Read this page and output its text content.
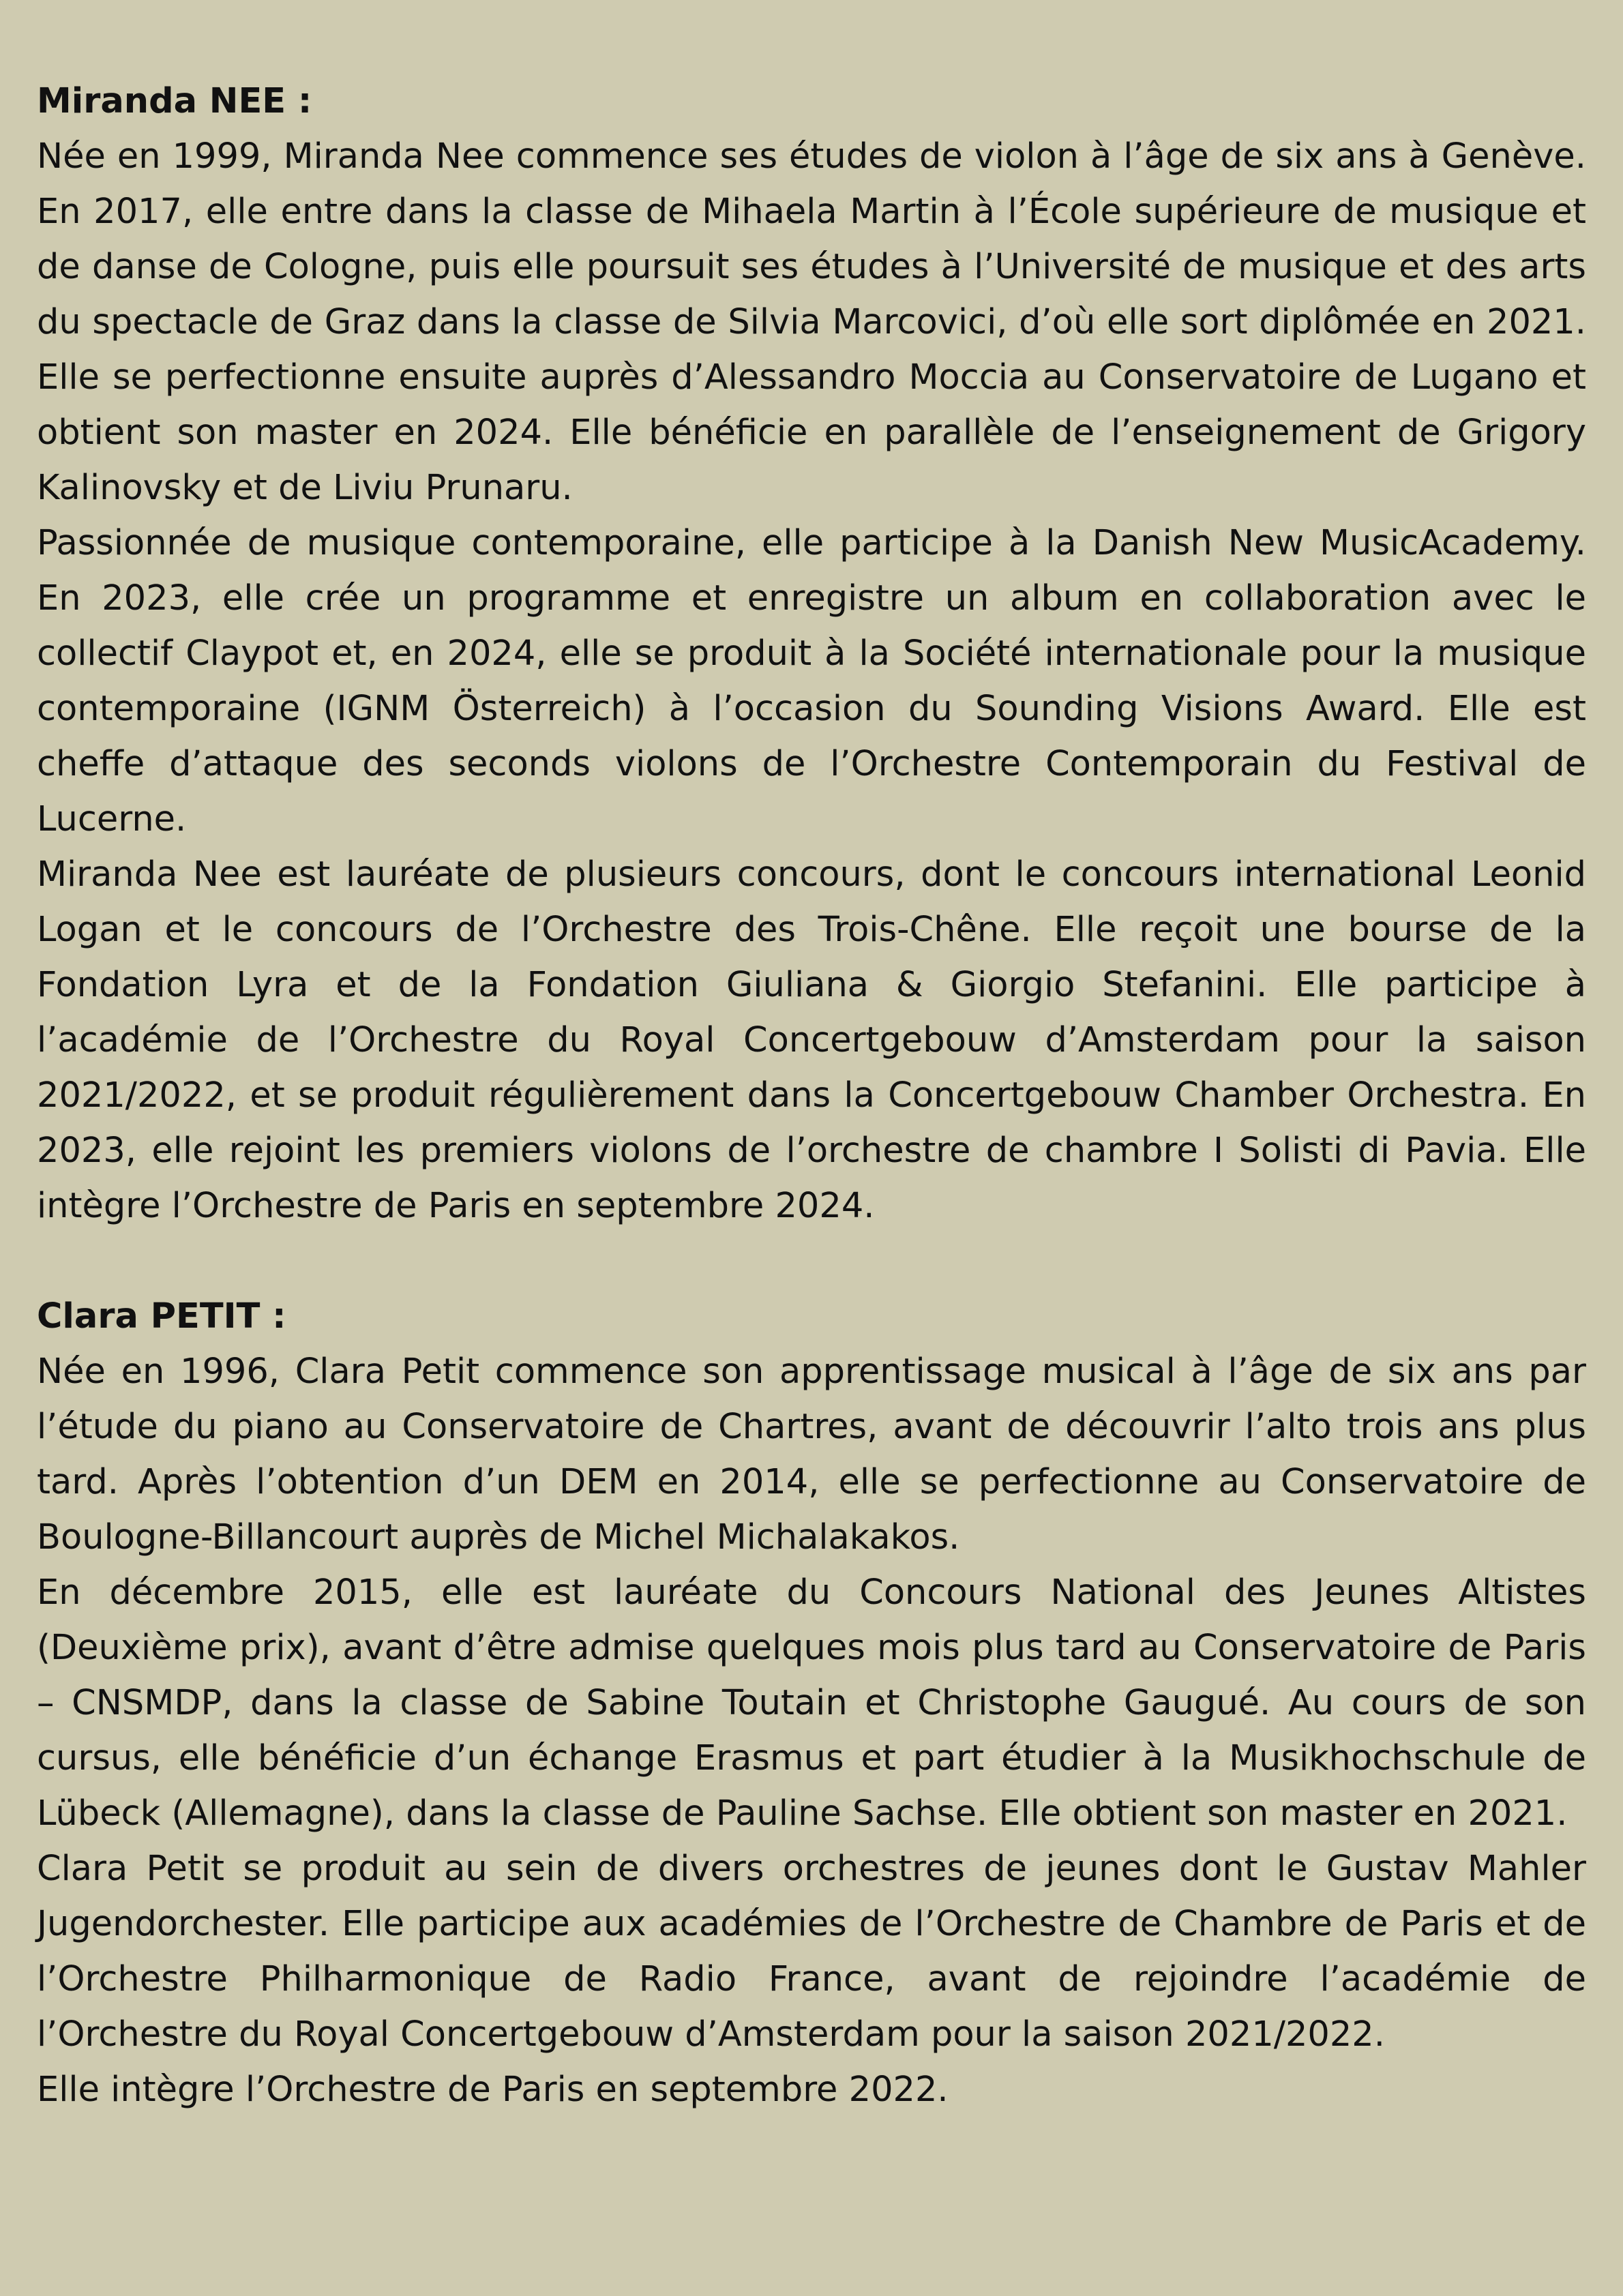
Miranda NEE :

Née en 1999, Miranda Nee commence ses études de violon à l’âge de six ans à Genève. En 2017, elle entre dans la classe de Mihaela Martin à l’École supérieure de musique et de danse de Cologne, puis elle poursuit ses études à l’Université de musique et des arts du spectacle de Graz dans la classe de Silvia Marcovici, d’où elle sort diplômée en 2021. Elle se perfectionne ensuite auprès d’Alessandro Moccia au Conservatoire de Lugano et obtient son master en 2024. Elle bénéficie en parallèle de l’enseignement de Grigory Kalinovsky et de Liviu Prunaru.

Passionnée de musique contemporaine, elle participe à la Danish New MusicAcademy. En 2023, elle crée un programme et enregistre un album en collaboration avec le collectif Claypot et, en 2024, elle se produit à la Société internationale pour la musique contemporaine (IGNM Österreich) à l’occasion du Sounding Visions Award. Elle est cheffe d’attaque des seconds violons de l’Orchestre Contemporain du Festival de Lucerne.

Miranda Nee est lauréate de plusieurs concours, dont le concours international Leonid Logan et le concours de l’Orchestre des Trois-Chêne. Elle reçoit une bourse de la Fondation Lyra et de la Fondation Giuliana & Giorgio Stefanini. Elle participe à l’académie de l’Orchestre du Royal Concertgebouw d’Amsterdam pour la saison 2021/2022, et se produit régulièrement dans la Concertgebouw Chamber Orchestra. En 2023, elle rejoint les premiers violons de l’orchestre de chambre I Solisti di Pavia. Elle intègre l’Orchestre de Paris en septembre 2024.

Clara PETIT :

Née en 1996, Clara Petit commence son apprentissage musical à l’âge de six ans par l’étude du piano au Conservatoire de Chartres, avant de découvrir l’alto trois ans plus tard. Après l’obtention d’un DEM en 2014, elle se perfectionne au Conservatoire de Boulogne-Billancourt auprès de Michel Michalakakos.

En décembre 2015, elle est lauréate du Concours National des Jeunes Altistes (Deuxième prix), avant d’être admise quelques mois plus tard au Conservatoire de Paris – CNSMDP, dans la classe de Sabine Toutain et Christophe Gaugué. Au cours de son cursus, elle bénéficie d’un échange Erasmus et part étudier à la Musikhochschule de Lübeck (Allemagne), dans la classe de Pauline Sachse. Elle obtient son master en 2021.

Clara Petit se produit au sein de divers orchestres de jeunes dont le Gustav Mahler Jugendorchester. Elle participe aux académies de l’Orchestre de Chambre de Paris et de l’Orchestre Philharmonique de Radio France, avant de rejoindre l’académie de l’Orchestre du Royal Concertgebouw d’Amsterdam pour la saison 2021/2022.

Elle intègre l’Orchestre de Paris en septembre 2022.
